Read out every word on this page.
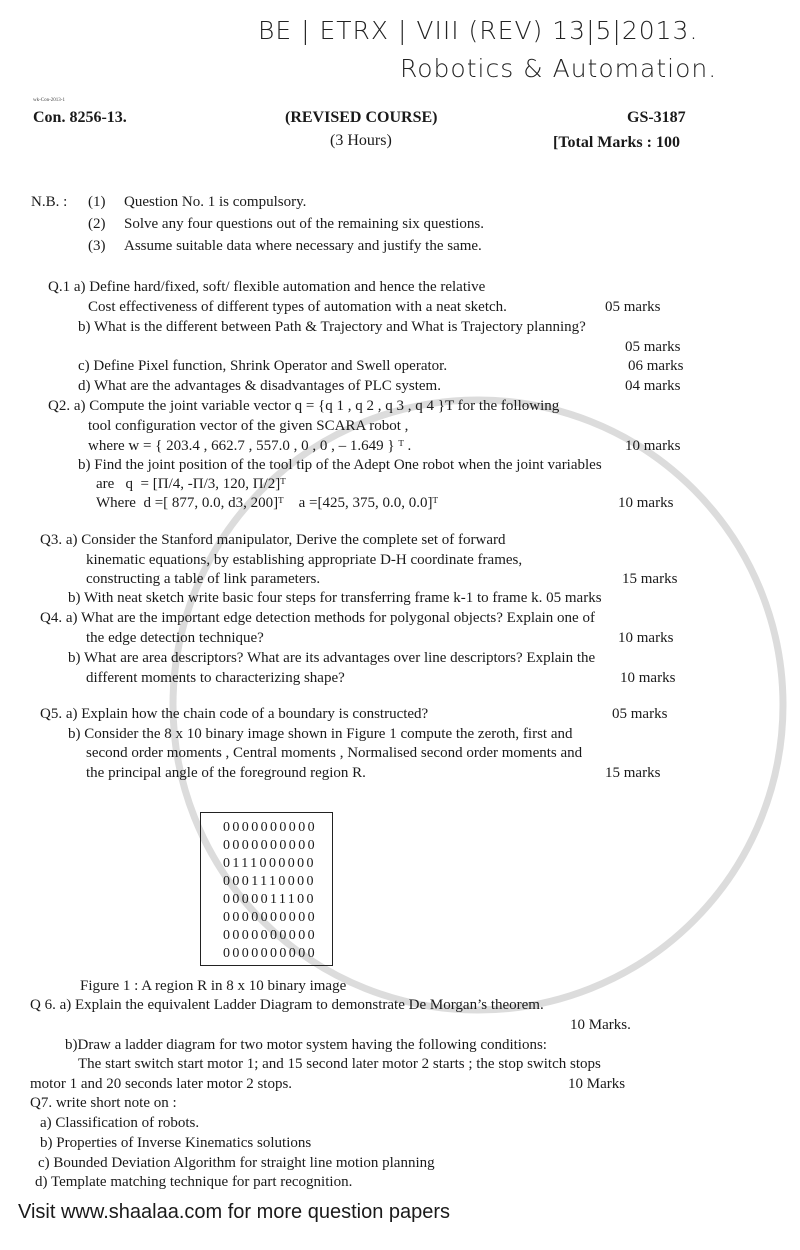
BE | ETRX | VIII (REV) 13|5|2013.
Robotics & Automation.
wk-Con-2013-1
Con. 8256-13.	(REVISED COURSE)	GS-3187
(3 Hours)	[Total Marks : 100
N.B. : (1) Question No. 1 is compulsory.
(2) Solve any four questions out of the remaining six questions.
(3) Assume suitable data where necessary and justify the same.
Q.1 a) Define hard/fixed, soft/ flexible automation and hence the relative
Cost effectiveness of different types of automation with a neat sketch.	05 marks
b) What is the different between Path & Trajectory and What is Trajectory planning?
05 marks
c) Define Pixel function, Shrink Operator and Swell operator.	06 marks
d) What are the advantages & disadvantages of PLC system.	04 marks
Q2. a) Compute the joint variable vector q = {q 1 , q 2 , q 3 , q 4 }T for the following
tool configuration vector of the given SCARA robot ,
where w = { 203.4 , 662.7 , 557.0 , 0 , 0 , – 1.649 } ᵀ .	10 marks
b) Find the joint position of the tool tip of the Adept One robot when the joint variables
are   q  = [Π/4, -Π/3, 120, Π/2]ᵀ
Where  d =[ 877, 0.0, d3, 200]ᵀ    a =[425, 375, 0.0, 0.0]ᵀ	10 marks
Q3. a) Consider the Stanford manipulator, Derive the complete set of forward
kinematic equations, by establishing appropriate D-H coordinate frames,
constructing a table of link parameters.	15 marks
b) With neat sketch write basic four steps for transferring frame k-1 to frame k. 05 marks
Q4. a) What are the important edge detection methods for polygonal objects? Explain one of
the edge detection technique?	10 marks
b) What are area descriptors? What are its advantages over line descriptors? Explain the
different moments to characterizing shape?	10 marks
Q5. a) Explain how the chain code of a boundary is constructed?	05 marks
b) Consider the 8 x 10 binary image shown in Figure 1 compute the zeroth, first and
second order moments , Central moments , Normalised second order moments and
the principal angle of the foreground region R.	15 marks
Figure 1 : A region R in 8 x 10 binary image
Q 6. a) Explain the equivalent Ladder Diagram to demonstrate De Morgan’s theorem.
10 Marks.
b)Draw a ladder diagram for two motor system having the following conditions:
The start switch start motor 1; and 15 second later motor 2 starts ; the stop switch stops
motor 1 and 20 seconds later motor 2 stops.	10 Marks
Q7. write short note on :
a) Classification of robots.
b) Properties of Inverse Kinematics solutions
c) Bounded Deviation Algorithm for straight line motion planning
d) Template matching technique for part recognition.
0000000000
0000000000
0111000000
0001110000
0000011100
0000000000
0000000000
0000000000
Visit www.shaalaa.com for more question papers
